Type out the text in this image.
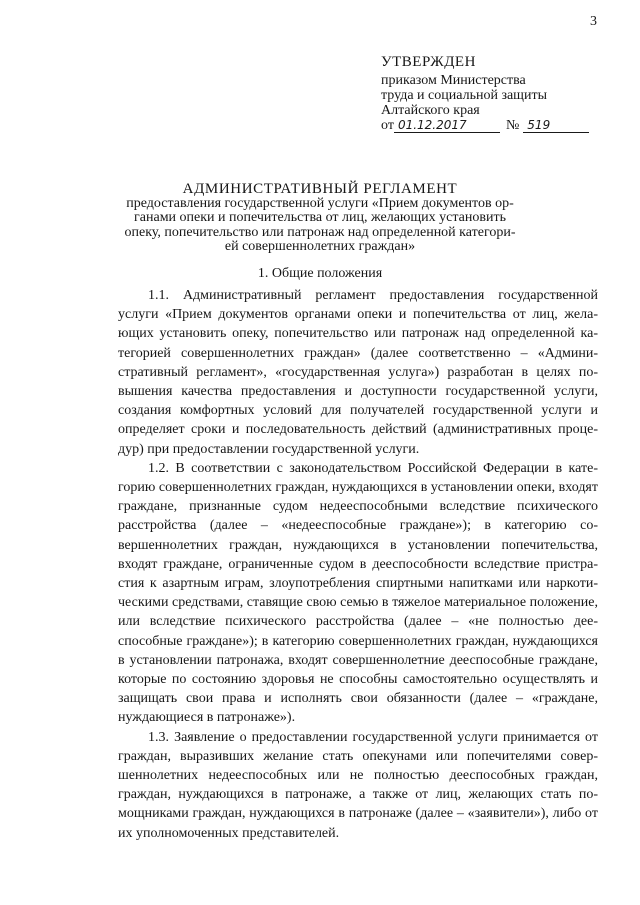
3
УТВЕРЖДЕН
приказом Министерства
труда и социальной защиты
Алтайского края
от 01.12.2017	№ 519
АДМИНИСТРАТИВНЫЙ РЕГЛАМЕНТ
предоставления государственной услуги «Прием документов ор-
ганами опеки и попечительства от лиц, желающих установить
опеку, попечительство или патронаж над определенной категори-
ей совершеннолетних граждан»
1. Общие положения

1.1. Административный регламент предоставления государственной услуги «Прием документов органами опеки и попечительства от лиц, желающих установить опеку, попечительство или патронаж над определенной категорией совершеннолетних граждан» (далее соответственно – «Административный регламент», «государственная услуга») разработан в целях повышения качества предоставления и доступности государственной услуги, создания комфортных условий для получателей государственной услуги и определяет сроки и последовательность действий (административных процедур) при предоставлении государственной услуги.

1.2. В соответствии с законодательством Российской Федерации в категорию совершеннолетних граждан, нуждающихся в установлении опеки, входят граждане, признанные судом недееспособными вследствие психического расстройства (далее – «недееспособные граждане»); в категорию совершеннолетних граждан, нуждающихся в установлении попечительства, входят граждане, ограниченные судом в дееспособности вследствие пристрастия к азартным играм, злоупотребления спиртными напитками или наркотическими средствами, ставящие свою семью в тяжелое материальное положение, или вследствие психического расстройства (далее – «не полностью дееспособные граждане»); в категорию совершеннолетних граждан, нуждающихся в установлении патронажа, входят совершеннолетние дееспособные граждане, которые по состоянию здоровья не способны самостоятельно осуществлять и защищать свои права и исполнять свои обязанности (далее – «граждане, нуждающиеся в патронаже»).

1.3. Заявление о предоставлении государственной услуги принимается от граждан, выразивших желание стать опекунами или попечителями совершеннолетних недееспособных или не полностью дееспособных граждан, граждан, нуждающихся в патронаже, а также от лиц, желающих стать помощниками граждан, нуждающихся в патронаже (далее – «заявители»), либо от их уполномоченных представителей.
